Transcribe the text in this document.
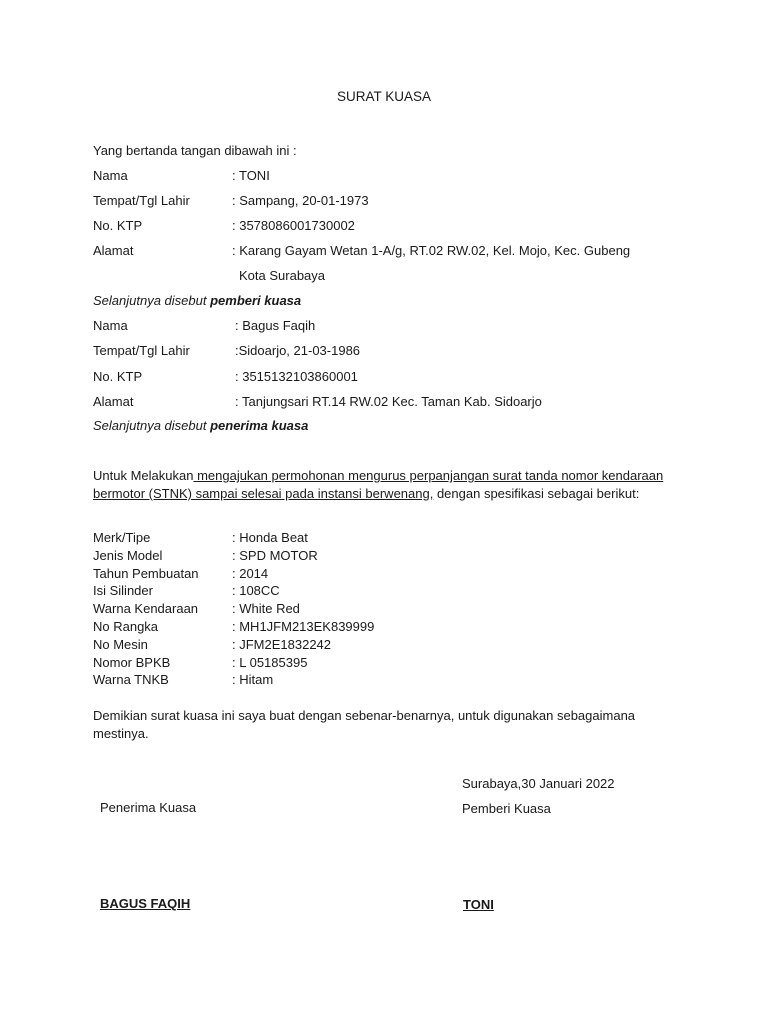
SURAT KUASA
Yang bertanda tangan dibawah ini :
Nama	: TONI
Tempat/Tgl Lahir	: Sampang, 20-01-1973
No. KTP	: 3578086001730002
Alamat	: Karang Gayam Wetan 1-A/g, RT.02 RW.02, Kel. Mojo, Kec. Gubeng
Kota Surabaya
Selanjutnya disebut pemberi kuasa
Nama	: Bagus Faqih
Tempat/Tgl Lahir	:Sidoarjo, 21-03-1986
No. KTP	: 3515132103860001
Alamat	: Tanjungsari RT.14 RW.02 Kec. Taman Kab. Sidoarjo
Selanjutnya disebut penerima kuasa
Untuk Melakukan mengajukan permohonan mengurus perpanjangan surat tanda nomor kendaraan bermotor (STNK) sampai selesai pada instansi berwenang, dengan spesifikasi sebagai berikut:
Merk/Tipe	: Honda Beat
Jenis Model	: SPD MOTOR
Tahun Pembuatan	: 2014
Isi Silinder	: 108CC
Warna Kendaraan	: White Red
No Rangka	: MH1JFM213EK839999
No Mesin	: JFM2E1832242
Nomor BPKB	: L 05185395
Warna TNKB	: Hitam
Demikian surat kuasa ini saya buat dengan sebenar-benarnya, untuk digunakan sebagaimana mestinya.
Surabaya,30 Januari 2022
Penerima Kuasa	Pemberi Kuasa
BAGUS FAQIH	TONI
